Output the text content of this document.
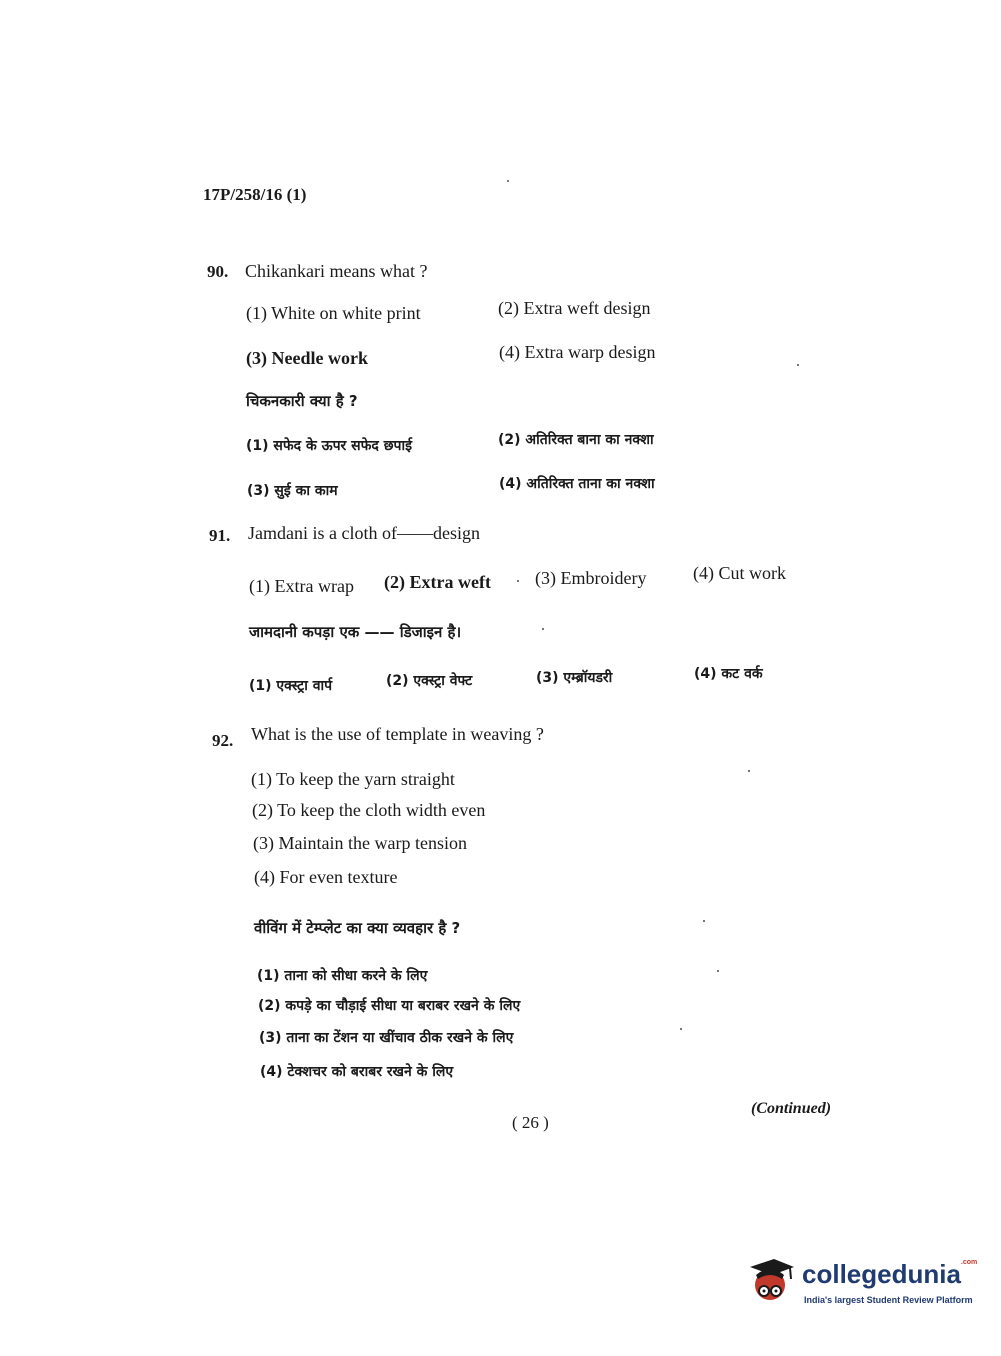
17P/258/16 (1)
90. Chikankari means what ?
(1) White on white print	(2) Extra weft design
(3) Needle work	(4) Extra warp design
चिकनकारी क्या है ?
(1) सफेद के ऊपर सफेद छपाई	(2) अतिरिक्त बाना का नक्शा
(3) सुई का काम	(4) अतिरिक्त ताना का नक्शा
91. Jamdani is a cloth of——design
(1) Extra wrap (2) Extra weft (3) Embroidery	(4) Cut work
जामदानी कपड़ा एक —— डिजाइन है।
(1) एक्स्ट्रा वार्प	(2) एक्स्ट्रा वेफ्ट	(3) एम्ब्रॉयडरी	(4) कट वर्क
92. What is the use of template in weaving ?
(1) To keep the yarn straight
(2) To keep the cloth width even
(3) Maintain the warp tension
(4) For even texture
वीविंग में टेम्प्लेट का क्या व्यवहार है ?
(1) ताना को सीधा करने के लिए
(2) कपड़े का चौड़ाई सीधा या बराबर रखने के लिए
(3) ताना का टेंशन या खींचाव ठीक रखने के लिए
(4) टेक्शचर को बराबर रखने के लिए
(Continued)
( 26 )
collegedunia$^{.com}$
India's largest Student Review Platform
